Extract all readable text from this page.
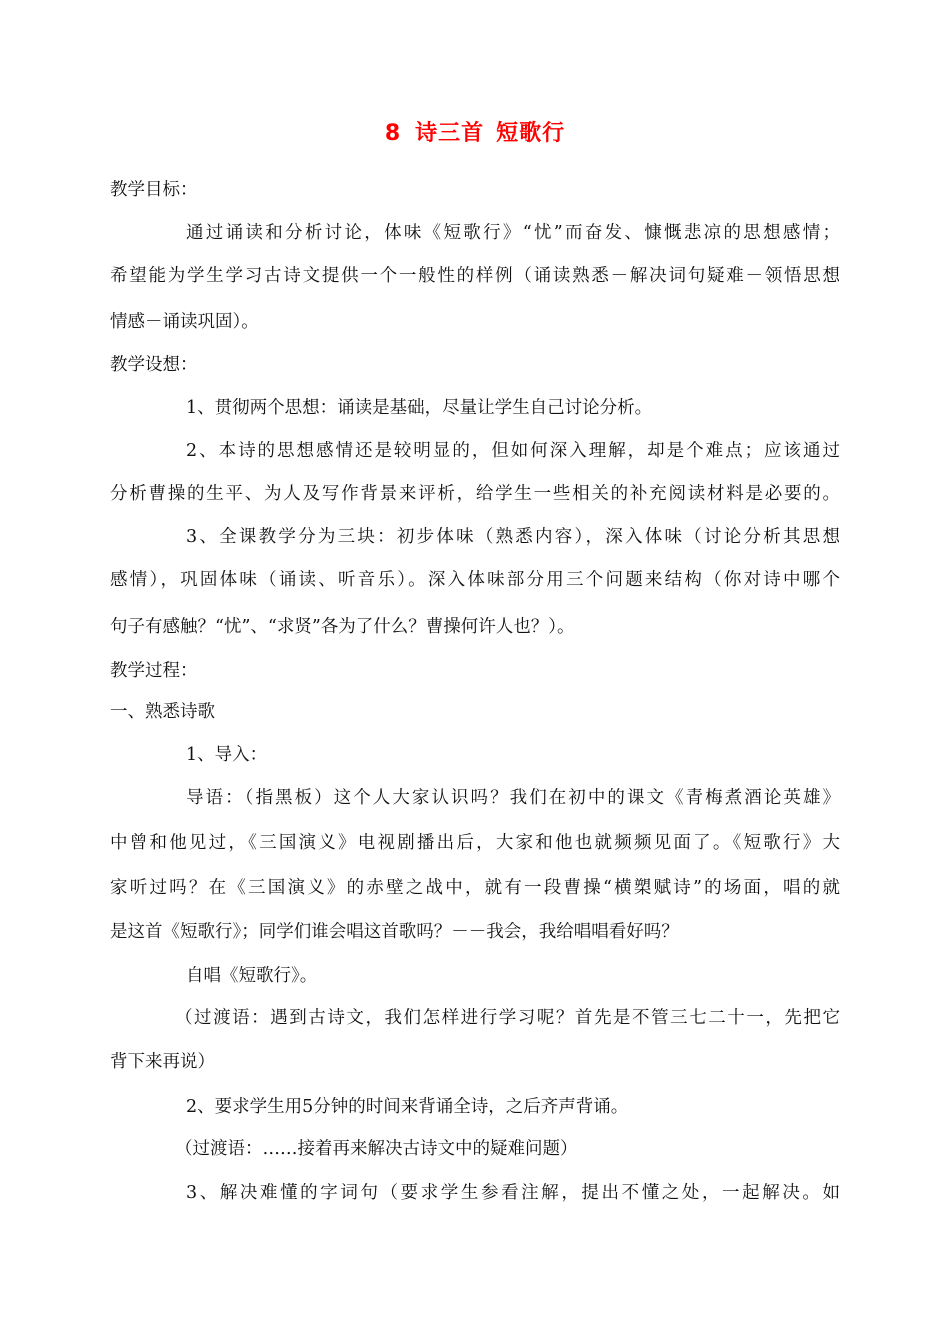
8 诗三首 短歌行
教学目标：
通过诵读和分析讨论，体味《短歌行》“忧”而奋发、慷慨悲凉的思想感情；
希望能为学生学习古诗文提供一个一般性的样例（诵读熟悉－解决词句疑难－领悟思想
情感－诵读巩固）。
教学设想：
1、贯彻两个思想：诵读是基础，尽量让学生自己讨论分析。
2、本诗的思想感情还是较明显的，但如何深入理解，却是个难点；应该通过
分析曹操的生平、为人及写作背景来评析，给学生一些相关的补充阅读材料是必要的。
3、全课教学分为三块：初步体味（熟悉内容），深入体味（讨论分析其思想
感情），巩固体味（诵读、听音乐）。深入体味部分用三个问题来结构（你对诗中哪个
句子有感触？“忧”、“求贤”各为了什么？曹操何许人也？）。
教学过程：
一、熟悉诗歌
1、导入：
导语：（指黑板）这个人大家认识吗？我们在初中的课文《青梅煮酒论英雄》
中曾和他见过，《三国演义》电视剧播出后，大家和他也就频频见面了。《短歌行》大
家听过吗？在《三国演义》的赤壁之战中，就有一段曹操“横槊赋诗”的场面，唱的就
是这首《短歌行》；同学们谁会唱这首歌吗？－－我会，我给唱唱看好吗？
自唱《短歌行》。
（过渡语：遇到古诗文，我们怎样进行学习呢？首先是不管三七二十一，先把它
背下来再说）
2、要求学生用5分钟的时间来背诵全诗，之后齐声背诵。
（过渡语：……接着再来解决古诗文中的疑难问题）
3、解决难懂的字词句（要求学生参看注解，提出不懂之处，一起解决。如
